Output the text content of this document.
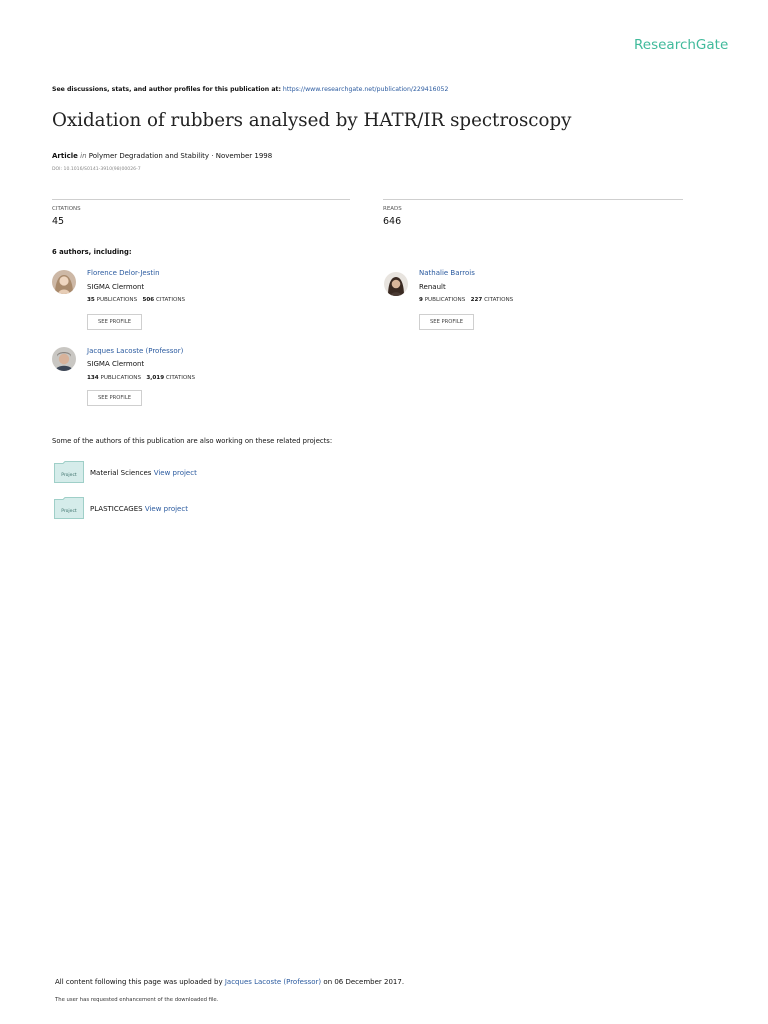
ResearchGate
See discussions, stats, and author profiles for this publication at: https://www.researchgate.net/publication/229416052
Oxidation of rubbers analysed by HATR/IR spectroscopy
Article in Polymer Degradation and Stability · November 1998
DOI: 10.1016/S0141-3910(98)00026-7
CITATIONS
45
READS
646
6 authors, including:
Florence Delor-Jestin
SIGMA Clermont
35 PUBLICATIONS 506 CITATIONS
SEE PROFILE
Nathalie Barrois
Renault
9 PUBLICATIONS 227 CITATIONS
SEE PROFILE
Jacques Lacoste (Professor)
SIGMA Clermont
134 PUBLICATIONS 3,019 CITATIONS
SEE PROFILE
Some of the authors of this publication are also working on these related projects:
Project Material Sciences View project
Project PLASTICCAGES View project
All content following this page was uploaded by Jacques Lacoste (Professor) on 06 December 2017.
The user has requested enhancement of the downloaded file.
